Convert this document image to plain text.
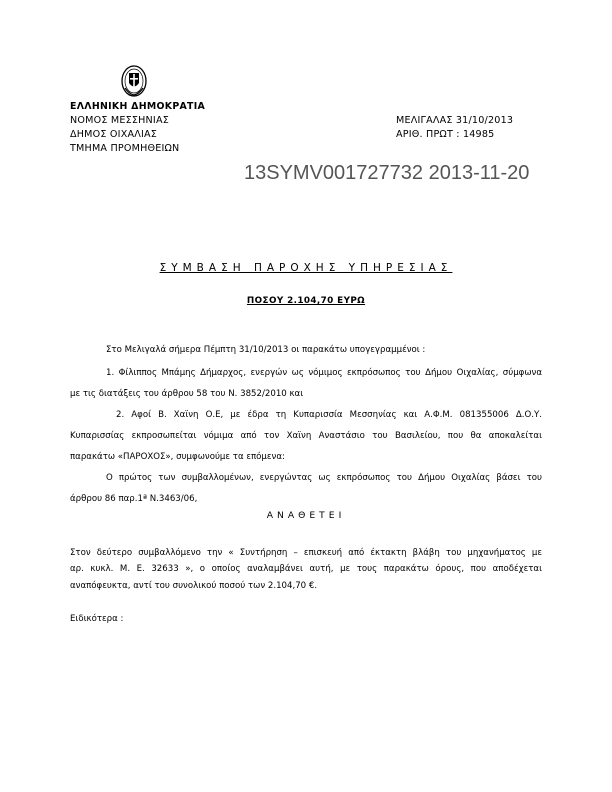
ΕΛΛΗΝΙΚΗ ΔΗΜΟΚΡΑΤΙΑ
ΝΟΜΟΣ ΜΕΣΣΗΝΙΑΣ
ΔΗΜΟΣ ΟΙΧΑΛΙΑΣ
ΤΜΗΜΑ ΠΡΟΜΗΘΕΙΩΝ
ΜΕΛΙΓΑΛΑΣ 31/10/2013
ΑΡΙΘ. ΠΡΩΤ : 14985
13SYMV001727732 2013-11-20
ΣΥΜΒΑΣΗ ΠΑΡΟΧΗΣ ΥΠΗΡΕΣΙΑΣ
ΠΟΣΟΥ 2.104,70 ΕΥΡΩ
Στο Μελιγαλά σήμερα Πέμπτη 31/10/2013 οι παρακάτω υπογεγραμμένοι :
1. Φίλιππος Μπάμης Δήμαρχος, ενεργών ως νόμιμος εκπρόσωπος του Δήμου Οιχαλίας, σύμφωνα
με τις διατάξεις του άρθρου 58 του Ν. 3852/2010 και
2. Αφοί Β. Χαϊνη Ο.Ε, με έδρα τη Κυπαρισσία Μεσσηνίας και Α.Φ.Μ. 081355006 Δ.Ο.Υ.
Κυπαρισσίας εκπροσωπείται νόμιμα από τον Χαϊνη Αναστάσιο του Βασιλείου, που θα αποκαλείται
παρακάτω «ΠΑΡΟΧΟΣ», συμφωνούμε τα επόμενα:
Ο πρώτος των συμβαλλομένων, ενεργώντας ως εκπρόσωπος του Δήμου Οιχαλίας βάσει του
άρθρου 86 παρ.1ª Ν.3463/06,
ΑΝΑΘΕΤΕΙ
Στον δεύτερο συμβαλλόμενο την « Συντήρηση – επισκευή από έκτακτη βλάβη του μηχανήματος με
αρ. κυκλ. Μ. Ε. 32633 », ο οποίος αναλαμβάνει αυτή, με τους παρακάτω όρους, που αποδέχεται
αναπόφευκτα, αντί του συνολικού ποσού των 2.104,70 €.
Ειδικότερα :
